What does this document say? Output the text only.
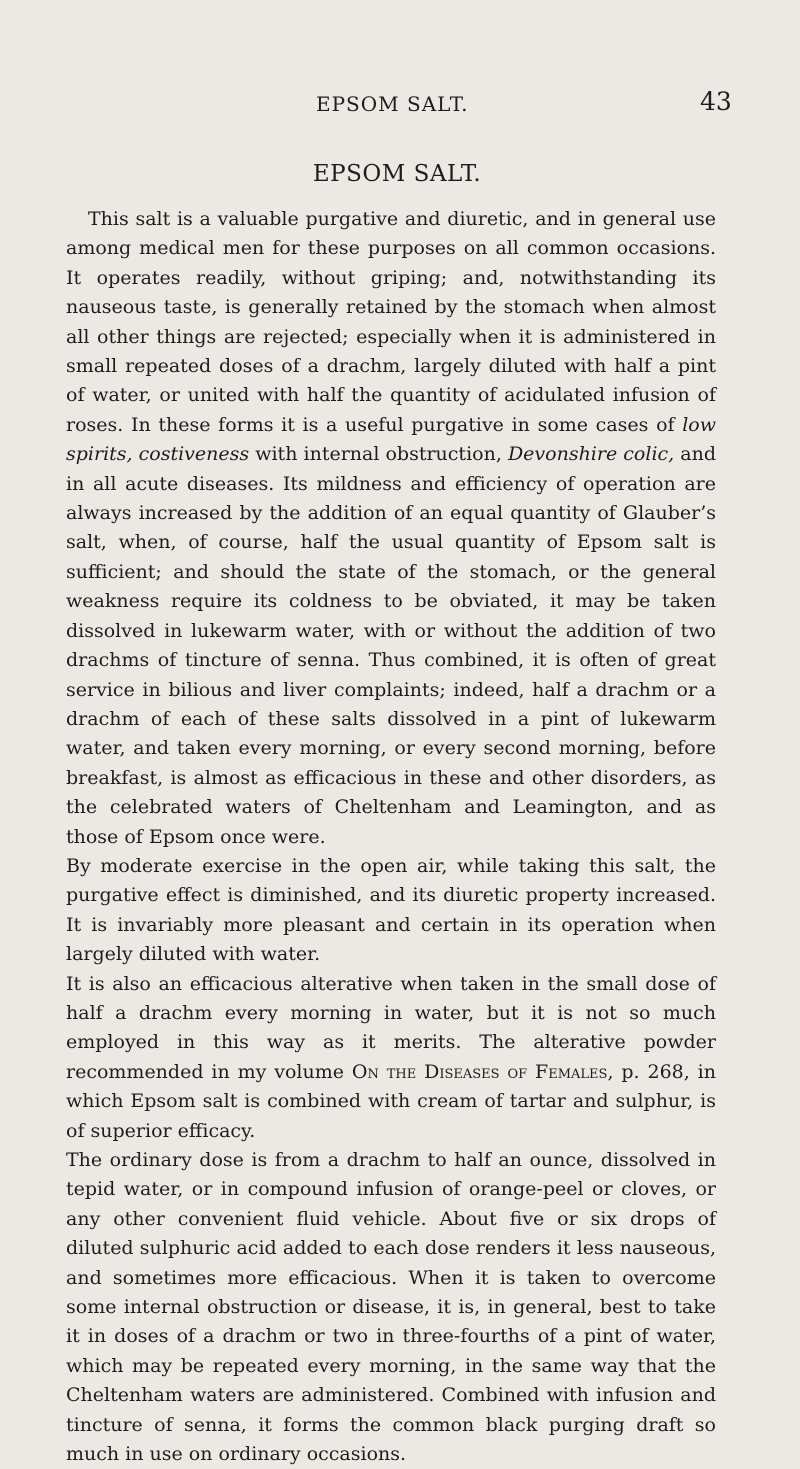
EPSOM SALT.	43
EPSOM SALT.

This salt is a valuable purgative and diuretic, and in general use among medical men for these purposes on all common occasions. It operates readily, without griping; and, notwithstanding its nauseous taste, is generally retained by the stomach when almost all other things are rejected; especially when it is administered in small repeated doses of a drachm, largely diluted with half a pint of water, or united with half the quantity of acidulated infusion of roses. In these forms it is a useful purgative in some cases of low spirits, costiveness with internal obstruction, Devonshire colic, and in all acute diseases. Its mildness and efficiency of operation are always increased by the addition of an equal quantity of Glauber’s salt, when, of course, half the usual quantity of Epsom salt is sufficient; and should the state of the stomach, or the general weakness require its coldness to be obviated, it may be taken dissolved in lukewarm water, with or without the addition of two drachms of tincture of senna. Thus combined, it is often of great service in bilious and liver complaints; indeed, half a drachm or a drachm of each of these salts dissolved in a pint of lukewarm water, and taken every morning, or every second morning, before breakfast, is almost as efficacious in these and other disorders, as the celebrated waters of Cheltenham and Leamington, and as those of Epsom once were.

By moderate exercise in the open air, while taking this salt, the purgative effect is diminished, and its diuretic property increased. It is invariably more pleasant and certain in its operation when largely diluted with water.

It is also an efficacious alterative when taken in the small dose of half a drachm every morning in water, but it is not so much employed in this way as it merits. The alterative powder recommended in my volume On the Diseases of Females, p. 268, in which Epsom salt is combined with cream of tartar and sulphur, is of superior efficacy.

The ordinary dose is from a drachm to half an ounce, dissolved in tepid water, or in compound infusion of orange-peel or cloves, or any other convenient fluid vehicle. About five or six drops of diluted sulphuric acid added to each dose renders it less nauseous, and sometimes more efficacious. When it is taken to overcome some internal obstruction or disease, it is, in general, best to take it in doses of a drachm or two in three-fourths of a pint of water, which may be repeated every morning, in the same way that the Cheltenham waters are administered. Combined with infusion and tincture of senna, it forms the common black purging draft so much in use on ordinary occasions.
